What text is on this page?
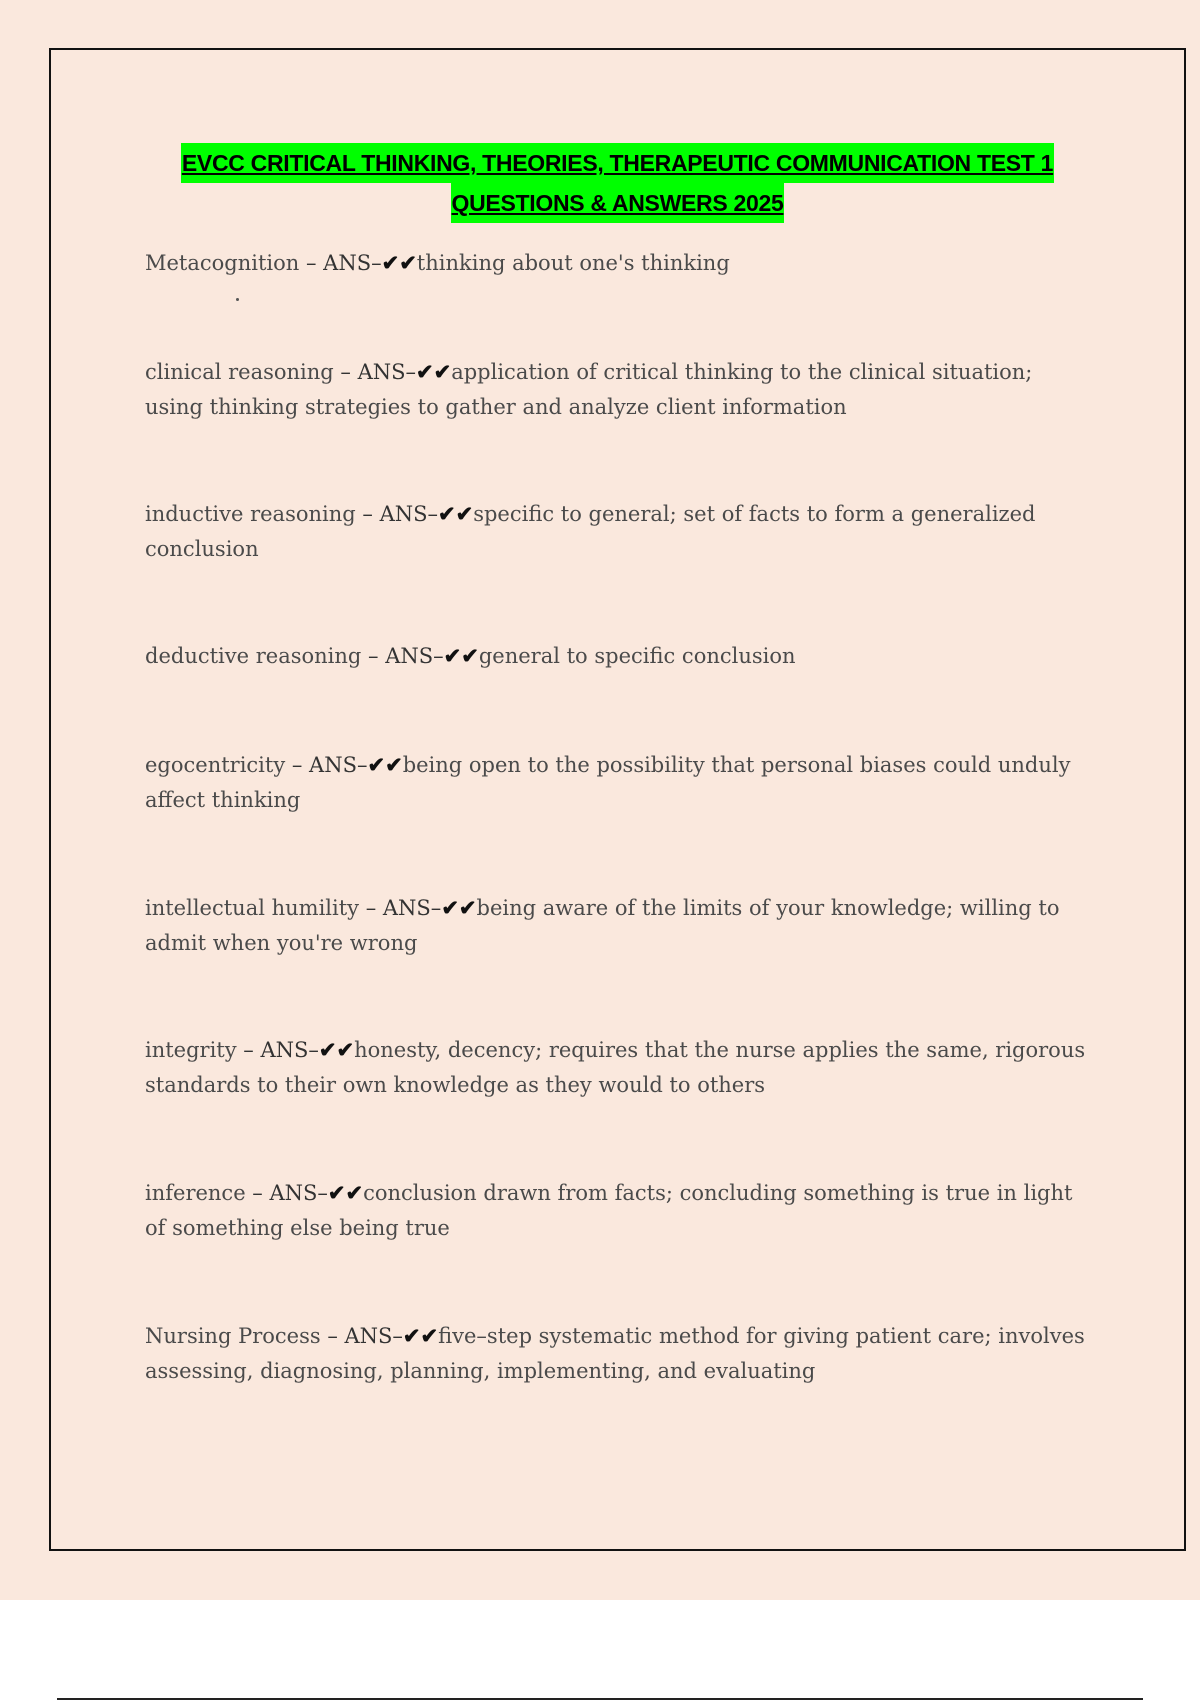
EVCC CRITICAL THINKING, THEORIES, THERAPEUTIC COMMUNICATION TEST 1
QUESTIONS & ANSWERS 2025
Metacognition – ANS–✔✔thinking about one's thinking
clinical reasoning – ANS–✔✔application of critical thinking to the clinical situation; using thinking strategies to gather and analyze client information
inductive reasoning – ANS–✔✔specific to general; set of facts to form a generalized conclusion
deductive reasoning – ANS–✔✔general to specific conclusion
egocentricity – ANS–✔✔being open to the possibility that personal biases could unduly affect thinking
intellectual humility – ANS–✔✔being aware of the limits of your knowledge; willing to admit when you're wrong
integrity – ANS–✔✔honesty, decency; requires that the nurse applies the same, rigorous standards to their own knowledge as they would to others
inference – ANS–✔✔conclusion drawn from facts; concluding something is true in light of something else being true
Nursing Process – ANS–✔✔five–step systematic method for giving patient care; involves assessing, diagnosing, planning, implementing, and evaluating
